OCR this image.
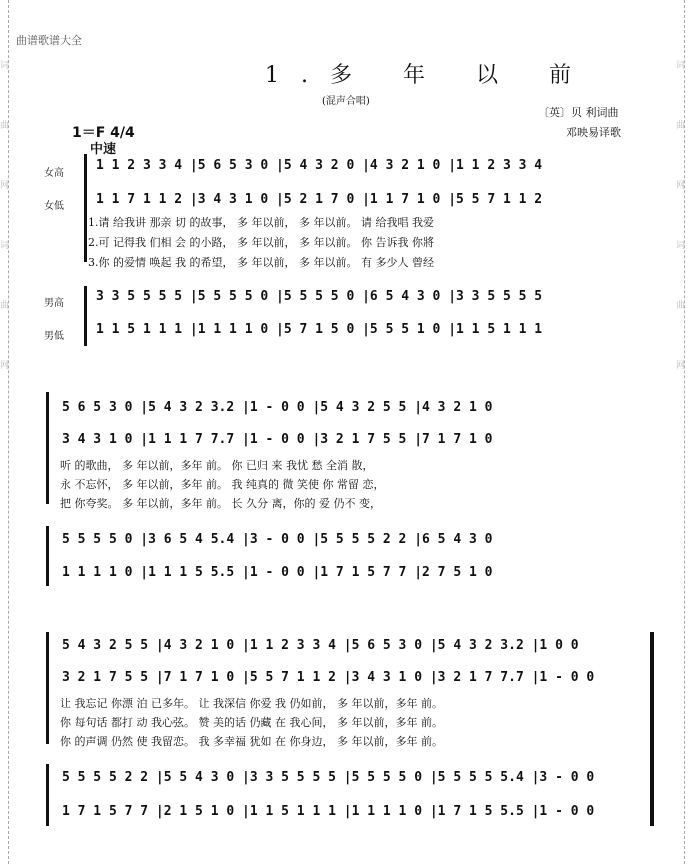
曲谱歌谱大全
词
曲
网
词
曲
网
词
曲
网
词
曲
网
1.多 年 以 前
(混声合唱)
〔英〕贝 利词曲
邓映易译歌
1＝F 4/4
中速
女高
女低
男高
男低
1 1 2 3 3 4 |5 6 5 3 0 |5 4 3 2 0 |4 3 2 1 0 |1 1 2 3 3 4
1 1 7 1 1 2 |3 4 3 1 0 |5 2 1 7 0 |1 1 7 1 0 |5 5 7 1 1 2
1.请 给我讲 那亲 切 的故事， 多 年以前， 多 年以前。 请 给我唱 我爱
2.可 记得我 们相 会 的小路， 多 年以前， 多 年以前。 你 告诉我 你將
3.你 的爱情 唤起 我 的希望， 多 年以前， 多 年以前。 有 多少人 曾经
3 3 5 5 5 5 |5 5 5 5 0 |5 5 5 5 0 |6 5 4 3 0 |3 3 5 5 5 5
1 1 5 1 1 1 |1 1 1 1 0 |5 7 1 5 0 |5 5 5 1 0 |1 1 5 1 1 1
5 6 5 3 0 |5 4 3 2 3.2 |1 - 0 0 |5 4 3 2 5 5 |4 3 2 1 0
3 4 3 1 0 |1 1 1 7 7.7 |1 - 0 0 |3 2 1 7 5 5 |7 1 7 1 0
听 的歌曲， 多 年以前，多年 前。 你 已归 来 我忧 愁 全消 散，
永 不忘怀， 多 年以前，多年 前。 我 纯真的 微 笑使 你 常留 恋，
把 你夸奖。 多 年以前，多年 前。 长 久分 离，你的 爱 仍不 变，
5 5 5 5 0 |3 6 5 4 5.4 |3 - 0 0 |5 5 5 5 2 2 |6 5 4 3 0
1 1 1 1 0 |1 1 1 5 5.5 |1 - 0 0 |1 7 1 5 7 7 |2 7 5 1 0
5 4 3 2 5 5 |4 3 2 1 0 |1 1 2 3 3 4 |5 6 5 3 0 |5 4 3 2 3.2 |1 0 0
3 2 1 7 5 5 |7 1 7 1 0 |5 5 7 1 1 2 |3 4 3 1 0 |3 2 1 7 7.7 |1 - 0 0
让 我忘记 你漂 泊 已多年。 让 我深信 你爱 我 仍如前， 多 年以前，多年 前。
你 每句话 都打 动 我心弦。 赞 美的话 仍藏 在 我心间， 多 年以前，多年 前。
你 的声调 仍然 使 我留恋。 我 多幸福 犹如 在 你身边， 多 年以前，多年 前。
5 5 5 5 2 2 |5 5 4 3 0 |3 3 5 5 5 5 |5 5 5 5 0 |5 5 5 5 5.4 |3 - 0 0
1 7 1 5 7 7 |2 1 5 1 0 |1 1 5 1 1 1 |1 1 1 1 0 |1 7 1 5 5.5 |1 - 0 0
